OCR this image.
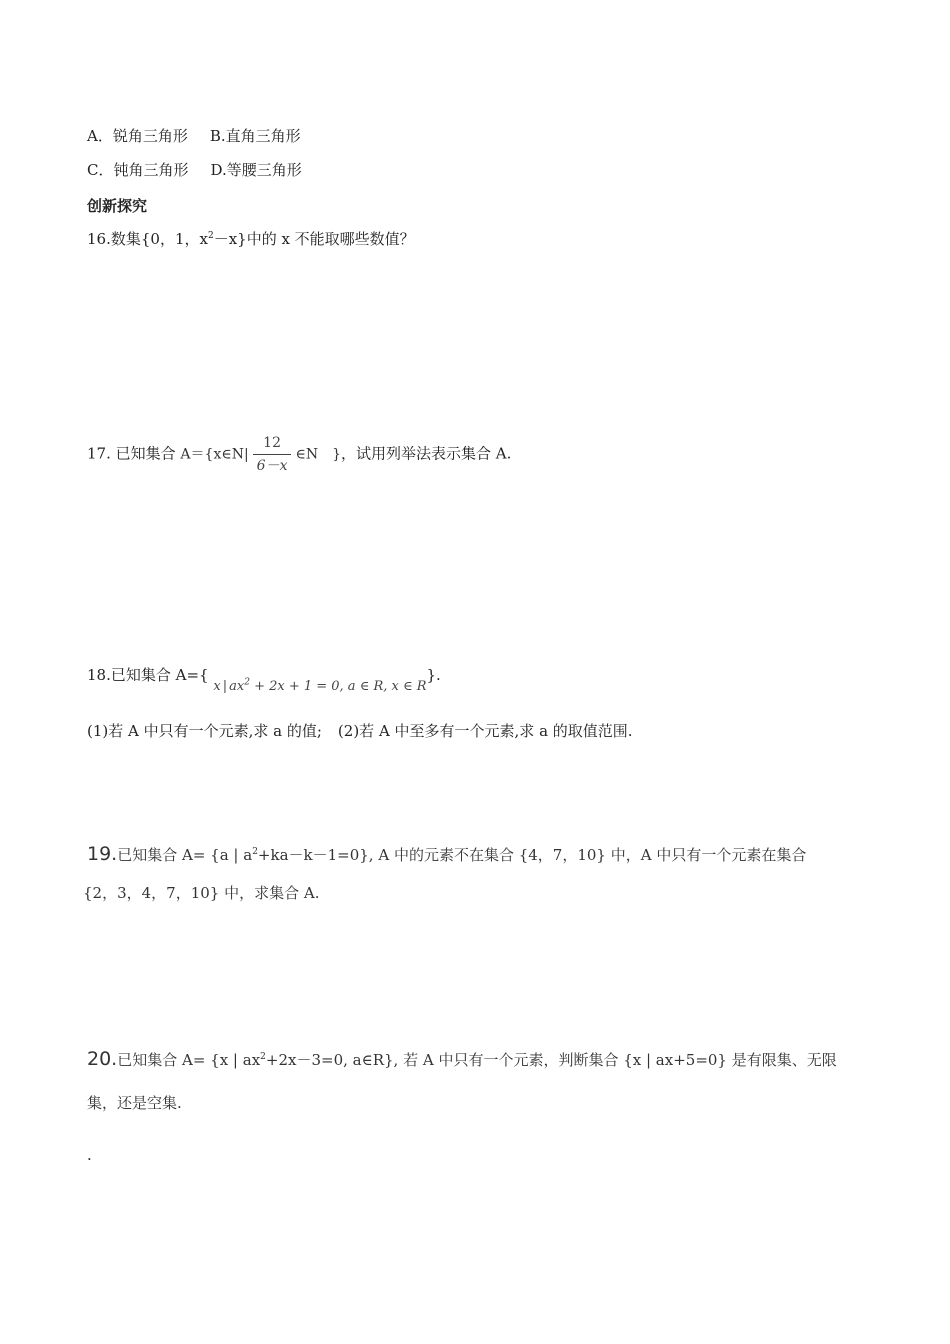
A．锐角三角形 B.直角三角形
C．钝角三角形 D.等腰三角形
创新探究
16.数集{0，1，$x^2-x$}中的 x 不能取哪些数值？
17. 已知集合 A＝{x∈N| $\frac{12}{6-x}$ ∈N　}，试用列举法表示集合 A.
18.已知集合 A={ x | $ax^2 + 2x + 1 = 0$, a ∈ R, x ∈ R}.
(1)若 A 中只有一个元素,求 a 的值; (2)若 A 中至多有一个元素,求 a 的取值范围.
19.已知集合 A= {a | $a^2+ka-k-1=0$}, A 中的元素不在集合 {4，7，10} 中，A 中只有一个元素在集合
{2，3，4，7，10} 中，求集合 A.
20.已知集合 A= {x | $ax^2+2x-3=0$, a∈R}, 若 A 中只有一个元素，判断集合 {x | ax+5=0} 是有限集、无限
集，还是空集.
.
